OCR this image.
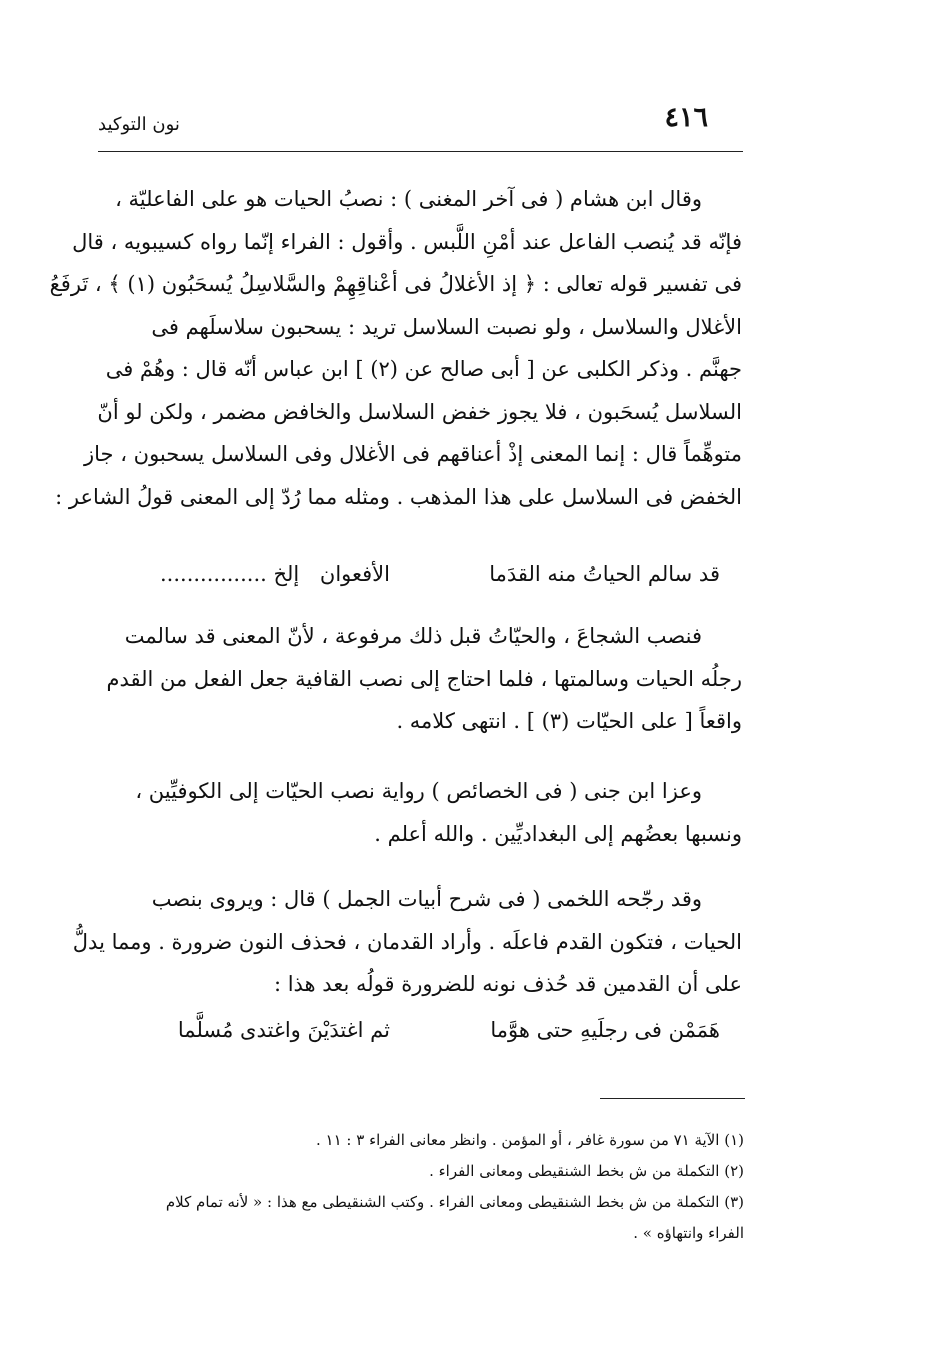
٤١٦
نون التوكيد
وقال ابن هشام ( فى آخر المغنى ) : نصبُ الحيات هو على الفاعليّة ،
فإنّه قد يُنصب الفاعل عند أمْنِ اللَّبس . وأقول : الفراء إنّما رواه كسيبويه ، قال
فى تفسير قوله تعالى : ﴿ إذ الأغلالُ فى أعْناقِهِمْ والسَّلاسِلُ يُسحَبُون (١) ﴾ ، تَرفَعُ
الأغلال والسلاسل ، ولو نصبت السلاسل تريد : يسحبون سلاسلَهم فى
جهنَّم . وذكر الكلبى عن [ أبى صالح عن (٢) ] ابن عباس أنّه قال : وهُمْ فى
السلاسل يُسحَبون ، فلا يجوز خفض السلاسل والخافض مضمر ، ولكن لو أنّ
متوهِّماً قال : إنما المعنى إذْ أعناقهم فى الأغلال وفى السلاسل يسحبون ، جاز
الخفض فى السلاسل على هذا المذهب . ومثله مما رُدّ إلى المعنى قولُ الشاعر :
قد سالم الحياتُ منه القدَما
الأفعوان
إلخ ................
فنصب الشجاعَ ، والحيّاتُ قبل ذلك مرفوعة ، لأنّ المعنى قد سالمت
رجلُه الحيات وسالمتها ، فلما احتاج إلى نصب القافية جعل الفعل من القدم
واقعاً [ على الحيّات (٣) ] . انتهى كلامه .
وعزا ابن جنى ( فى الخصائص ) رواية نصب الحيّات إلى الكوفيِّين ،
ونسبها بعضُهم إلى البغداديِّين . والله أعلم .
وقد رجّحه اللخمى ( فى شرح أبيات الجمل ) قال : ويروى بنصب
الحيات ، فتكون القدم فاعلَه . وأراد القدمان ، فحذف النون ضرورة . ومما يدلُّ
على أن القدمين قد حُذف نونه للضرورة قولُه بعد هذا :
هَمَمْن فى رجلَيهِ حتى هوَّما
ثم اغتدَيْنَ واغتدى مُسلَّما
(١) الآية ٧١ من سورة غافر ، أو المؤمن . وانظر معانى الفراء ٣ : ١١ .
(٢) التكملة من ش بخط الشنقيطى ومعانى الفراء .
(٣) التكملة من ش بخط الشنقيطى ومعانى الفراء . وكتب الشنقيطى مع هذا : « لأنه تمام كلام
الفراء وانتهاؤه » .
